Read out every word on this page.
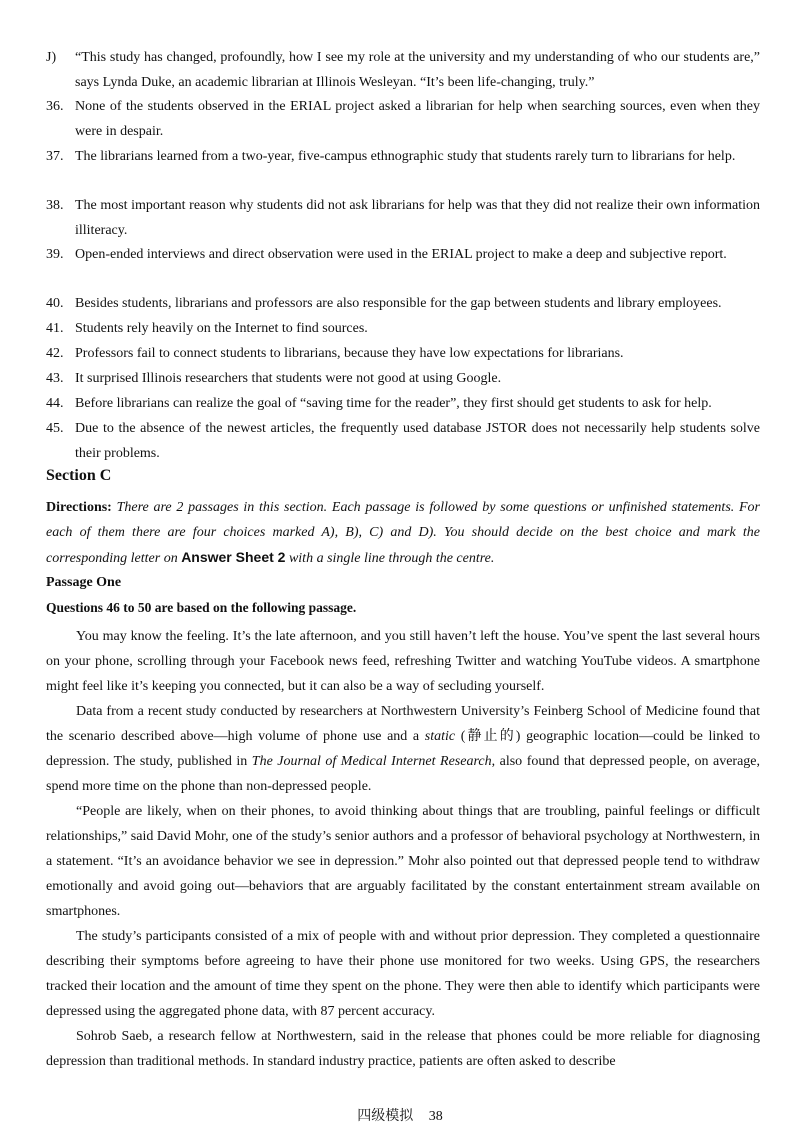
J)	“This study has changed, profoundly, how I see my role at the university and my understanding of who our students are,” says Lynda Duke, an academic librarian at Illinois Wesleyan. “It’s been life-changing, truly.”
36. None of the students observed in the ERIAL project asked a librarian for help when searching sources, even when they were in despair.
37. The librarians learned from a two-year, five-campus ethnographic study that students rarely turn to librarians for help.
38. The most important reason why students did not ask librarians for help was that they did not realize their own information illiteracy.
39. Open-ended interviews and direct observation were used in the ERIAL project to make a deep and subjective report.
40. Besides students, librarians and professors are also responsible for the gap between students and library employees.
41. Students rely heavily on the Internet to find sources.
42. Professors fail to connect students to librarians, because they have low expectations for librarians.
43. It surprised Illinois researchers that students were not good at using Google.
44. Before librarians can realize the goal of “saving time for the reader”, they first should get students to ask for help.
45. Due to the absence of the newest articles, the frequently used database JSTOR does not necessarily help students solve their problems.
Section C
Directions: There are 2 passages in this section. Each passage is followed by some questions or unfinished statements. For each of them there are four choices marked A), B), C) and D). You should decide on the best choice and mark the corresponding letter on Answer Sheet 2 with a single line through the centre.
Passage One
Questions 46 to 50 are based on the following passage.
You may know the feeling. It’s the late afternoon, and you still haven’t left the house. You’ve spent the last several hours on your phone, scrolling through your Facebook news feed, refreshing Twitter and watching YouTube videos. A smartphone might feel like it’s keeping you connected, but it can also be a way of secluding yourself.
Data from a recent study conducted by researchers at Northwestern University’s Feinberg School of Medicine found that the scenario described above—high volume of phone use and a static (静止的) geographic location—could be linked to depression. The study, published in The Journal of Medical Internet Research, also found that depressed people, on average, spend more time on the phone than non-depressed people.
“People are likely, when on their phones, to avoid thinking about things that are troubling, painful feelings or difficult relationships,” said David Mohr, one of the study’s senior authors and a professor of behavioral psychology at Northwestern, in a statement. “It’s an avoidance behavior we see in depression.” Mohr also pointed out that depressed people tend to withdraw emotionally and avoid going out—behaviors that are arguably facilitated by the constant entertainment stream available on smartphones.
The study’s participants consisted of a mix of people with and without prior depression. They completed a questionnaire describing their symptoms before agreeing to have their phone use monitored for two weeks. Using GPS, the researchers tracked their location and the amount of time they spent on the phone. They were then able to identify which participants were depressed using the aggregated phone data, with 87 percent accuracy.
Sohrob Saeb, a research fellow at Northwestern, said in the release that phones could be more reliable for diagnosing depression than traditional methods. In standard industry practice, patients are often asked to describe
四级模拟 38
